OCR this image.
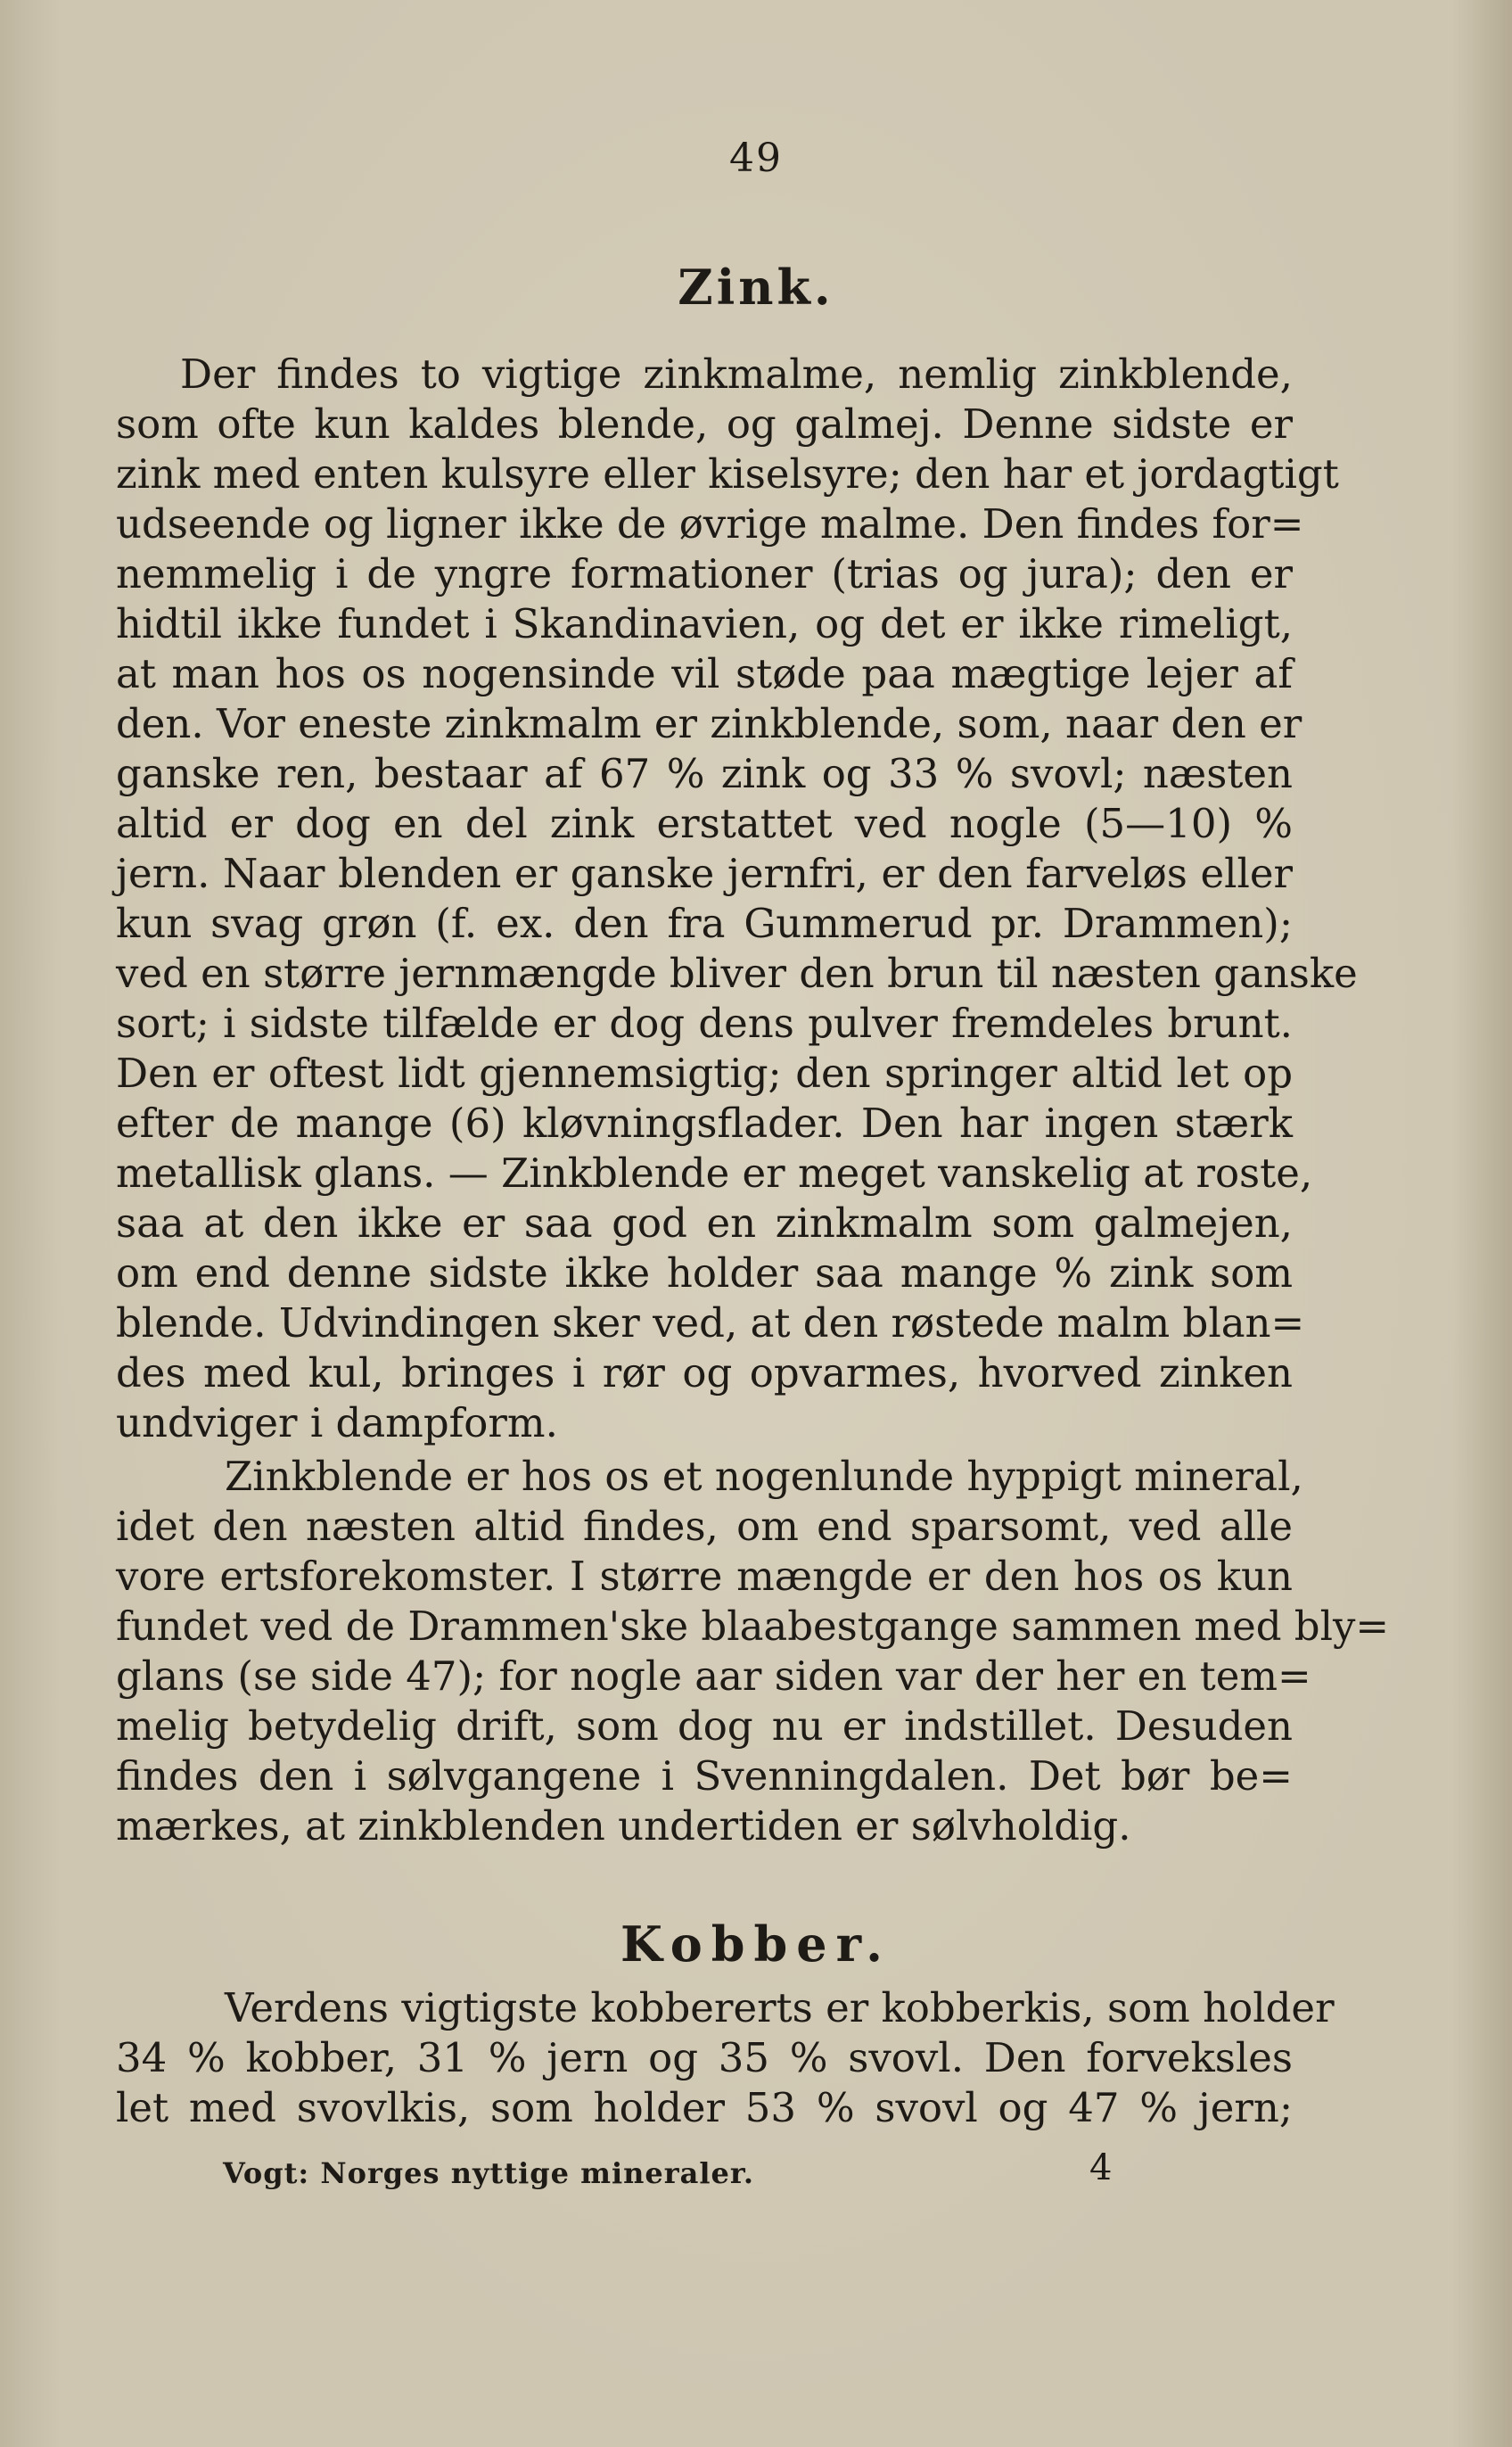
49
Zink.
Der findes to vigtige zinkmalme, nemlig zinkblende,
som ofte kun kaldes blende, og galmej. Denne sidste er
zink med enten kulsyre eller kiselsyre; den har et jordagtigt
udseende og ligner ikke de øvrige malme. Den findes for=
nemmelig i de yngre formationer (trias og jura); den er
hidtil ikke fundet i Skandinavien, og det er ikke rimeligt,
at man hos os nogensinde vil støde paa mægtige lejer af
den. Vor eneste zinkmalm er zinkblende, som, naar den er
ganske ren, bestaar af 67 % zink og 33 % svovl; næsten
altid er dog en del zink erstattet ved nogle (5—10) %
jern. Naar blenden er ganske jernfri, er den farveløs eller
kun svag grøn (f. ex. den fra Gummerud pr. Drammen);
ved en større jernmængde bliver den brun til næsten ganske
sort; i sidste tilfælde er dog dens pulver fremdeles brunt.
Den er oftest lidt gjennemsigtig; den springer altid let op
efter de mange (6) kløvningsflader. Den har ingen stærk
metallisk glans. — Zinkblende er meget vanskelig at roste,
saa at den ikke er saa god en zinkmalm som galmejen,
om end denne sidste ikke holder saa mange % zink som
blende. Udvindingen sker ved, at den røstede malm blan=
des med kul, bringes i rør og opvarmes, hvorved zinken
undviger i dampform.
Zinkblende er hos os et nogenlunde hyppigt mineral,
idet den næsten altid findes, om end sparsomt, ved alle
vore ertsforekomster. I større mængde er den hos os kun
fundet ved de Drammen'ske blaabestgange sammen med bly=
glans (se side 47); for nogle aar siden var der her en tem=
melig betydelig drift, som dog nu er indstillet. Desuden
findes den i sølvgangene i Svenningdalen. Det bør be=
mærkes, at zinkblenden undertiden er sølvholdig.
Kobber.
Verdens vigtigste kobbererts er kobberkis, som holder
34 % kobber, 31 % jern og 35 % svovl. Den forveksles
let med svovlkis, som holder 53 % svovl og 47 % jern;
Vogt: Norges nyttige mineraler.	4
